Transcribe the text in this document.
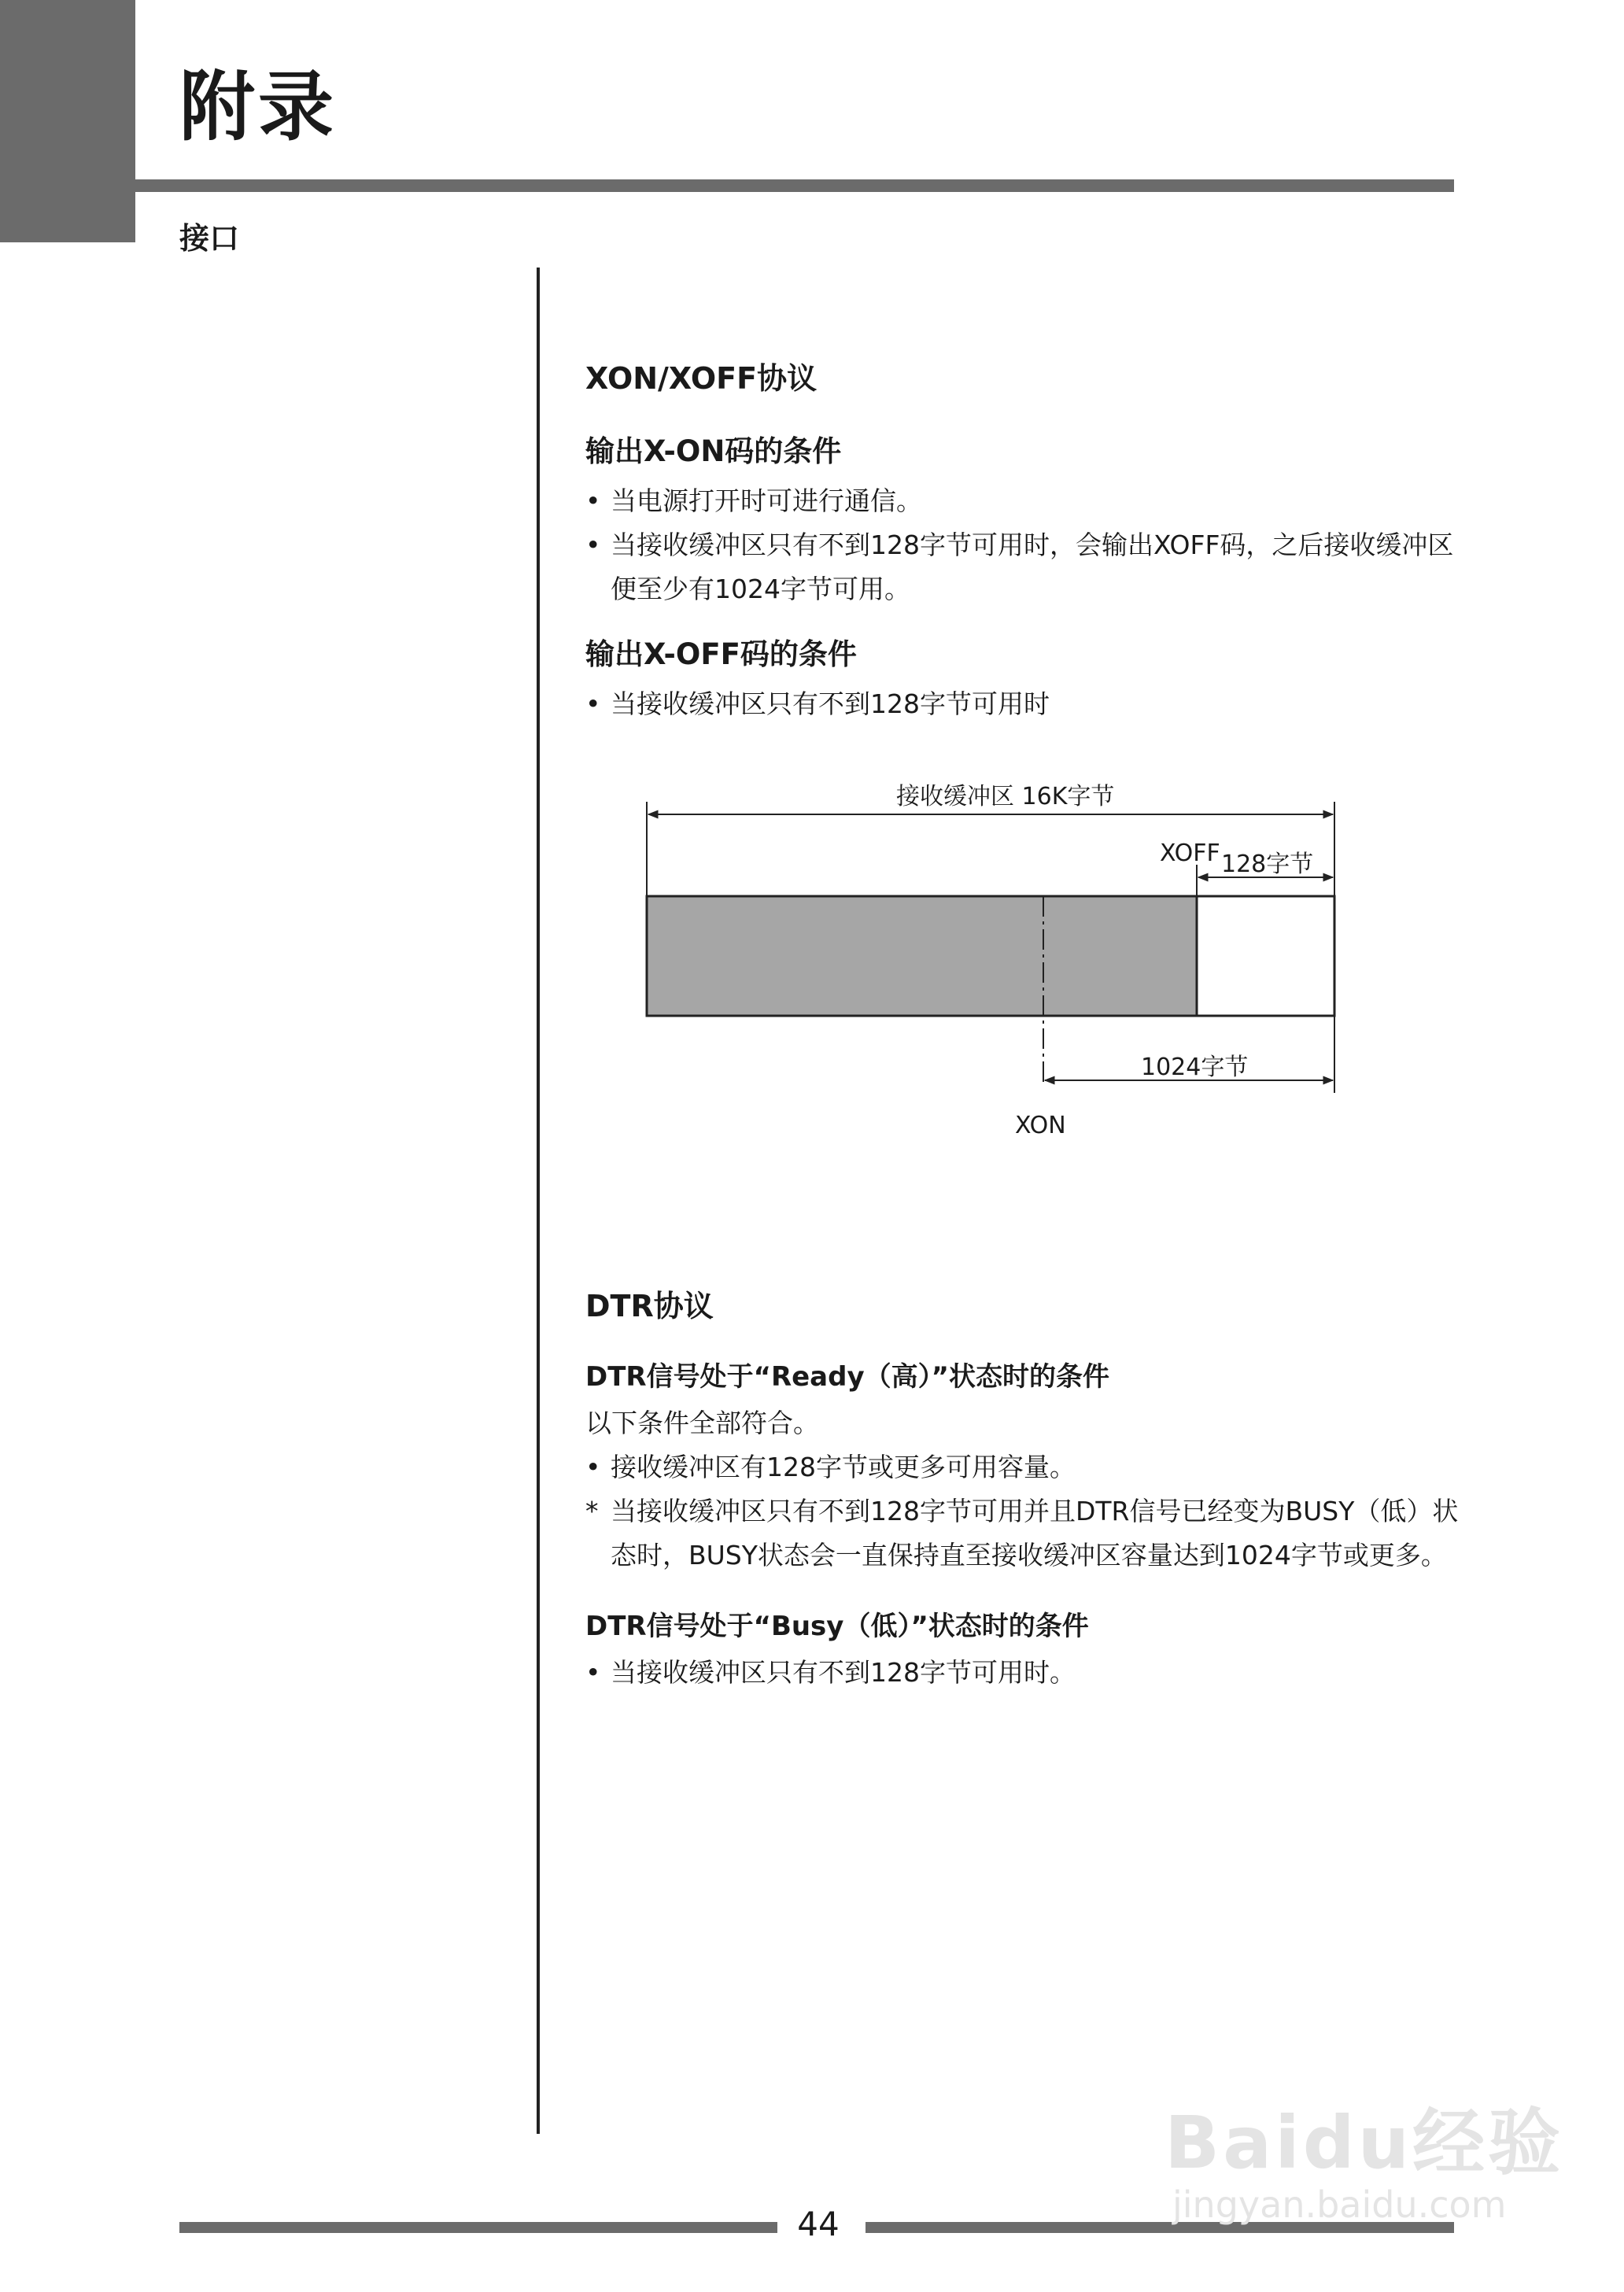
附录
接口
XON/XOFF协议
输出X-ON码的条件
• 当电源打开时可进行通信。
• 当接收缓冲区只有不到128字节可用时，会输出XOFF码，之后接收缓冲区便至少有1024字节可用。
输出X-OFF码的条件
• 当接收缓冲区只有不到128字节可用时
接收缓冲区 16K字节
XOFF 128字节
1024字节
XON
DTR协议
DTR信号处于“Ready（高）”状态时的条件
以下条件全部符合。
• 接收缓冲区有128字节或更多可用容量。
* 当接收缓冲区只有不到128字节可用并且DTR信号已经变为BUSY（低）状态时，BUSY状态会一直保持直至接收缓冲区容量达到1024字节或更多。
DTR信号处于“Busy（低）”状态时的条件
• 当接收缓冲区只有不到128字节可用时。
44
Baidu经验
jingyan.baidu.com
